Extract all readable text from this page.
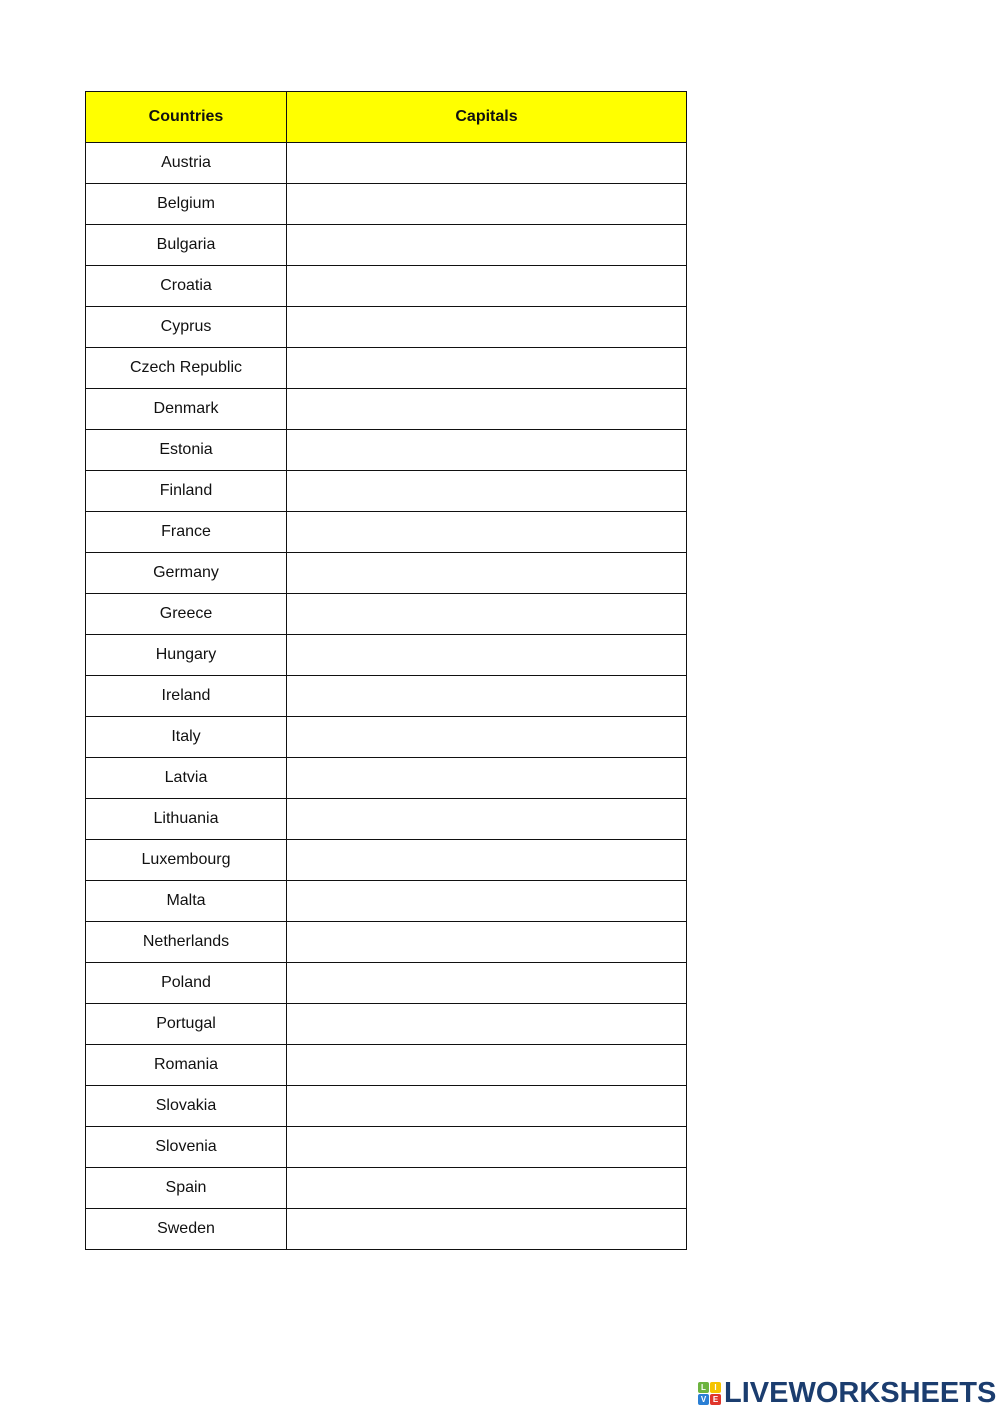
Countries	Capitals
Austria	
Belgium	
Bulgaria	
Croatia	
Cyprus	
Czech Republic	
Denmark	
Estonia	
Finland	
France	
Germany	
Greece	
Hungary	
Ireland	
Italy	
Latvia	
Lithuania	
Luxembourg	
Malta	
Netherlands	
Poland	
Portugal	
Romania	
Slovakia	
Slovenia	
Spain	
Sweden	
L	I
V E LIVEWORKSHEETS
